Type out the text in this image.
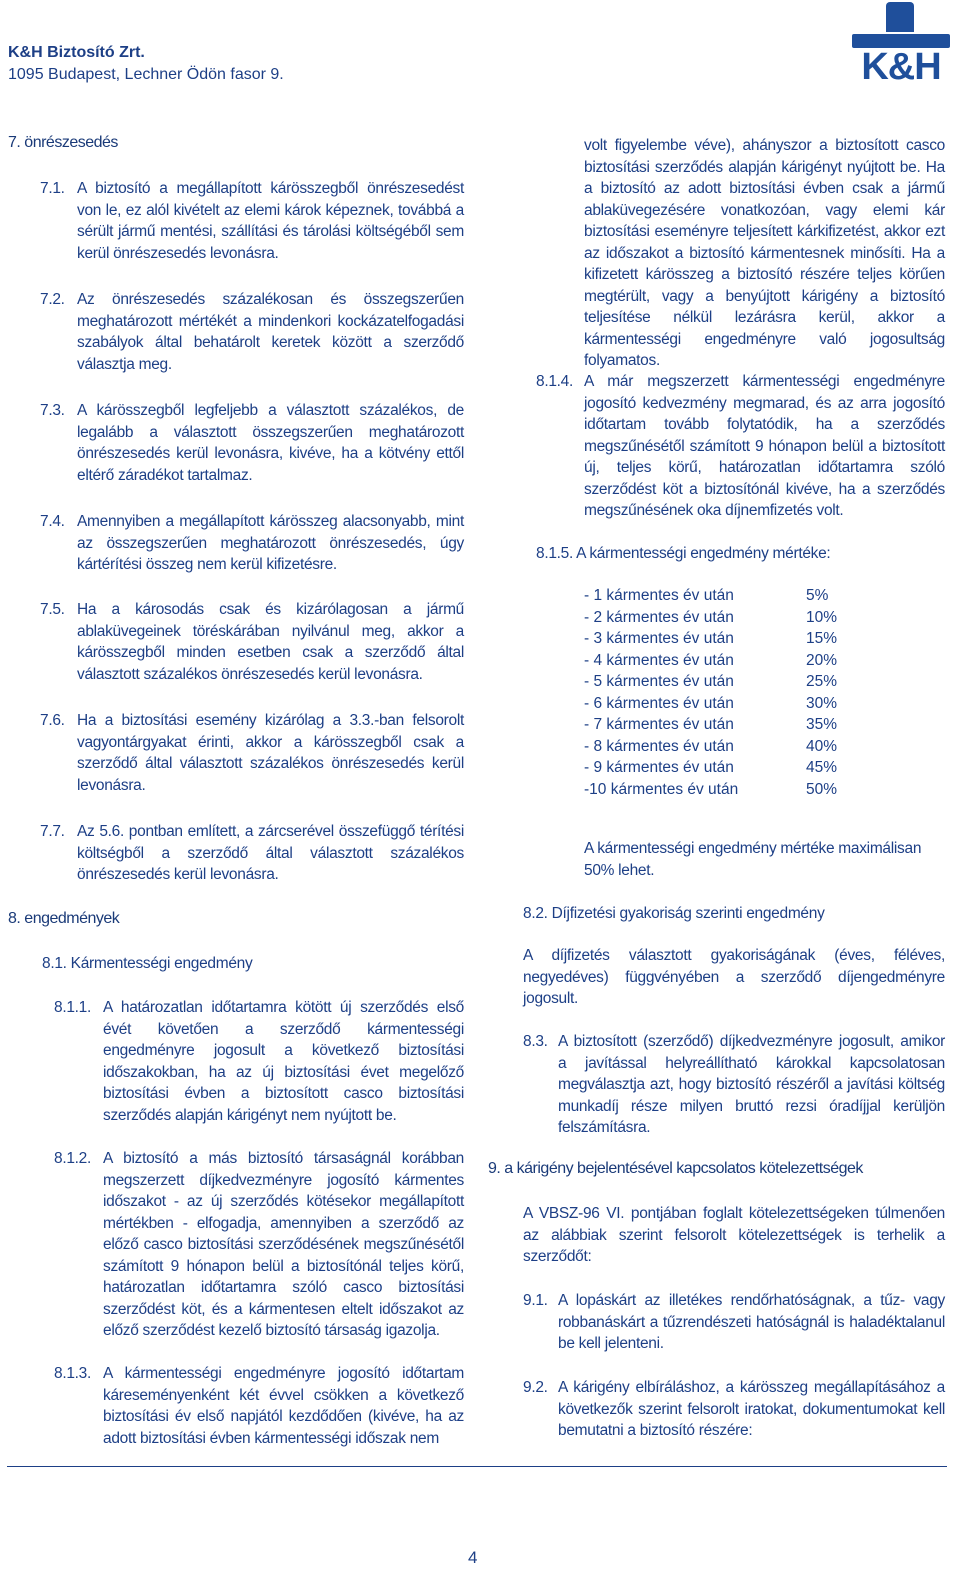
K&H Biztosító Zrt.
1095 Budapest, Lechner Ödön fasor 9.	K&H
7. önrészesedés
7.1. A biztosító a megállapított kárösszegből önrészesedést von le, ez alól kivételt az elemi károk képeznek, továbbá a sérült jármű mentési, szállítási és tárolási költségéből sem kerül önrészesedés levonásra.
7.2. Az önrészesedés százalékosan és összegszerűen meghatározott mértékét a mindenkori kockázatelfogadási szabályok által behatárolt keretek között a szerződő választja meg.
7.3. A kárösszegből legfeljebb a választott százalékos, de legalább a választott összegszerűen meghatározott önrészesedés kerül levonásra, kivéve, ha a kötvény ettől eltérő záradékot tartalmaz.
7.4. Amennyiben a megállapított kárösszeg alacsonyabb, mint az összegszerűen meghatározott önrészesedés, úgy kártérítési összeg nem kerül kifizetésre.
7.5. Ha a károsodás csak és kizárólagosan a jármű ablaküvegeinek töréskárában nyilvánul meg, akkor a kárösszegből minden esetben csak a szerződő által választott százalékos önrészesedés kerül levonásra.
7.6. Ha a biztosítási esemény kizárólag a 3.3.-ban felsorolt vagyontárgyakat érinti, akkor a kárösszegből csak a szerződő által választott százalékos önrészesedés kerül levonásra.
7.7. Az 5.6. pontban említett, a zárcserével összefüggő térítési költségből a szerződő által választott százalékos önrészesedés kerül levonásra.
8. engedmények
8.1. Kármentességi engedmény
8.1.1. A határozatlan időtartamra kötött új szerződés első évét követően a szerződő kármentességi engedményre jogosult a következő biztosítási időszakokban, ha az új biztosítási évet megelőző biztosítási évben a biztosított casco biztosítási szerződés alapján kárigényt nem nyújtott be.
8.1.2. A biztosító a más biztosító társaságnál korábban megszerzett díjkedvezményre jogosító kármentes időszakot - az új szerződés kötésekor megállapított mértékben - elfogadja, amennyiben a szerződő az előző casco biztosítási szerződésének megszűnésétől számított 9 hónapon belül a biztosítónál teljes körű, határozatlan időtartamra szóló casco biztosítási szerződést köt, és a kármentesen eltelt időszakot az előző szerződést kezelő biztosító társaság igazolja.
8.1.3. A kármentességi engedményre jogosító időtartam káreseményenként két évvel csökken a következő biztosítási év első napjától kezdődően (kivéve, ha az adott biztosítási évben kármentességi időszak nem
volt figyelembe véve), ahányszor a biztosított casco biztosítási szerződés alapján kárigényt nyújtott be. Ha a biztosító az adott biztosítási évben csak a jármű ablaküvegezésére vonatkozóan, vagy elemi kár biztosítási eseményre teljesített kárkifizetést, akkor ezt az időszakot a biztosító kármentesnek minősíti. Ha a kifizetett kárösszeg a biztosító részére teljes körűen megtérült, vagy a benyújtott kárigény a biztosító teljesítése nélkül lezárásra kerül, akkor a kármentességi engedményre való jogosultság folyamatos.
8.1.4. A már megszerzett kármentességi engedményre jogosító kedvezmény megmarad, és az arra jogosító időtartam tovább folytatódik, ha a szerződés megszűnésétől számított 9 hónapon belül a biztosított új, teljes körű, határozatlan időtartamra szóló szerződést köt a biztosítónál kivéve, ha a szerződés megszűnésének oka díjnemfizetés volt.
8.1.5. A kármentességi engedmény mértéke:
- 1 kármentes év után	5%
- 2 kármentes év után	10%
- 3 kármentes év után	15%
- 4 kármentes év után	20%
- 5 kármentes év után	25%
- 6 kármentes év után	30%
- 7 kármentes év után	35%
- 8 kármentes év után	40%
- 9 kármentes év után	45%
-10 kármentes év után	50%
A kármentességi engedmény mértéke maximálisan 50% lehet.
8.2. Díjfizetési gyakoriság szerinti engedmény
A díjfizetés választott gyakoriságának (éves, féléves, negyedéves) függvényében a szerződő díjengedményre jogosult.
8.3. A biztosított (szerződő) díjkedvezményre jogosult, amikor a javítással helyreállítható károkkal kapcsolatosan megválasztja azt, hogy biztosító részéről a javítási költség munkadíj része milyen bruttó rezsi óradíjjal kerüljön felszámításra.
9. a kárigény bejelentésével kapcsolatos kötelezettségek
A VBSZ-96 VI. pontjában foglalt kötelezettségeken túlmenően az alábbiak szerint felsorolt kötelezettségek is terhelik a szerződőt:
9.1. A lopáskárt az illetékes rendőrhatóságnak, a tűz- vagy robbanáskárt a tűzrendészeti hatóságnál is haladéktalanul be kell jelenteni.
9.2. A kárigény elbíráláshoz, a kárösszeg megállapításához a következők szerint felsorolt iratokat, dokumentumokat kell bemutatni a biztosító részére:
4
